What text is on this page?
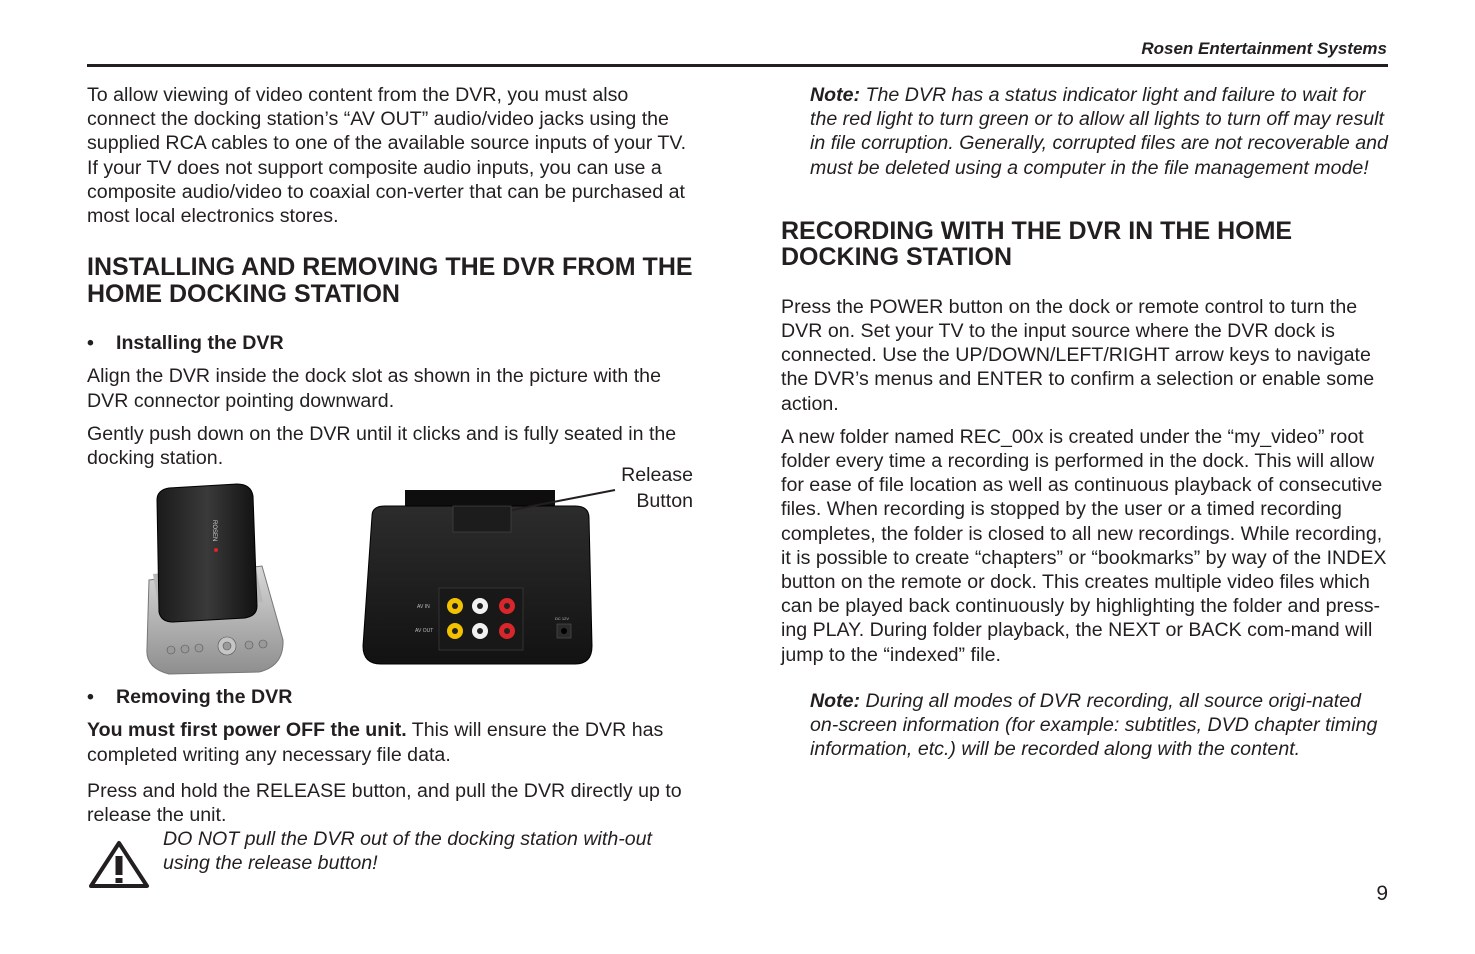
Rosen Entertainment Systems

To allow viewing of video content from the DVR, you must also connect the docking station’s “AV OUT” audio/video jacks using the supplied RCA cables to one of the available source inputs of your TV. If your TV does not support composite audio inputs, you can use a composite audio/video to coaxial con-verter that can be purchased at most local electronics stores.

INSTALLING AND REMOVING THE DVR FROM THE HOME DOCKING STATION
•	Installing the DVR

Align the DVR inside the dock slot as shown in the picture with the DVR connector pointing downward.

Gently push down on the DVR until it clicks and is fully seated in the docking station.

Release
Button
ROSEN
AV IN
AV OUT
DC 12V
•	Removing the DVR

You must first power OFF the unit. This will ensure the DVR has completed writing any necessary file data.

Press and hold the RELEASE button, and pull the DVR directly up to release the unit.

DO NOT pull the DVR out of the docking station with-out using the release button!

Note: The DVR has a status indicator light and failure to wait for the red light to turn green or to allow all lights to turn off may result in file corruption. Generally, corrupted files are not recoverable and must be deleted using a computer in the file management mode!

RECORDING WITH THE DVR IN THE HOME DOCKING STATION

Press the POWER button on the dock or remote control to turn the DVR on. Set your TV to the input source where the DVR dock is connected. Use the UP/DOWN/LEFT/RIGHT arrow keys to navigate the DVR’s menus and ENTER to confirm a selection or enable some action.

A new folder named REC_00x is created under the “my_video” root folder every time a recording is performed in the dock. This will allow for ease of file location as well as continuous playback of consecutive files. When recording is stopped by the user or a timed recording completes, the folder is closed to all new recordings. While recording, it is possible to create “chapters” or “bookmarks” by way of the INDEX button on the remote or dock. This creates multiple video files which can be played back continuously by highlighting the folder and press-ing PLAY. During folder playback, the NEXT or BACK com-mand will jump to the “indexed” file.

Note: During all modes of DVR recording, all source origi-nated on-screen information (for example: subtitles, DVD chapter timing information, etc.) will be recorded along with the content.

9
